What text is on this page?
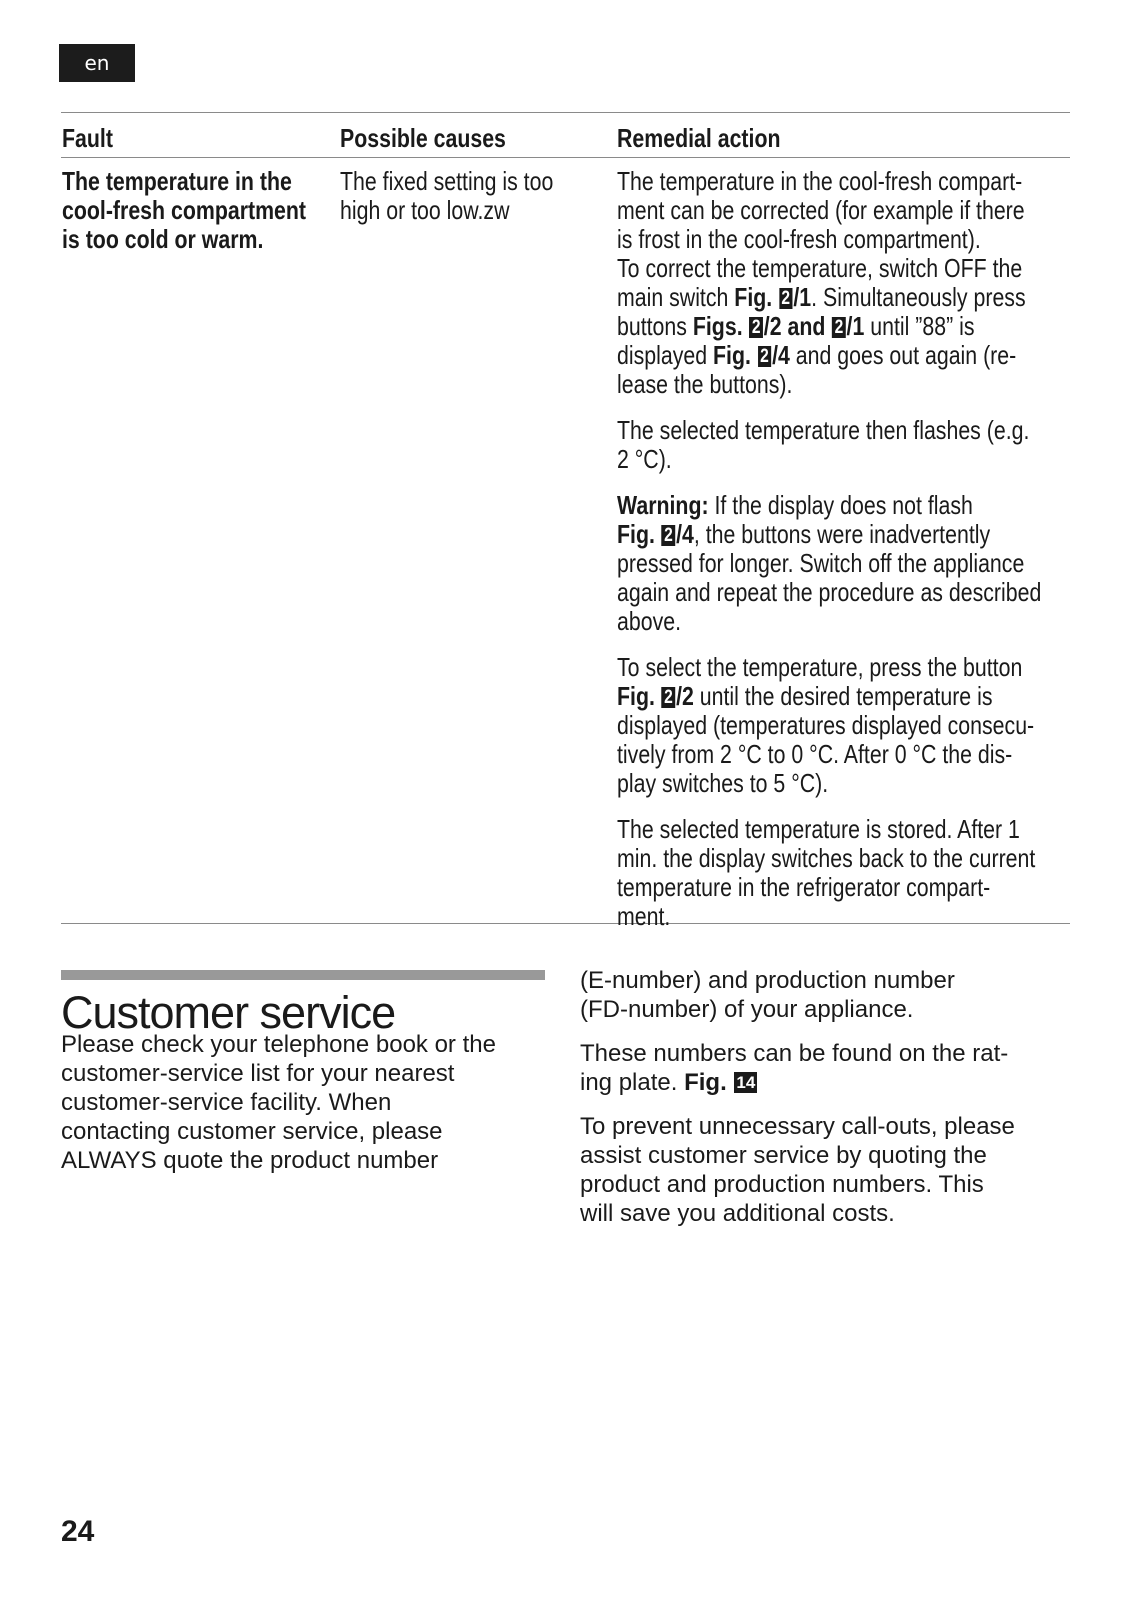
en
Fault	Possible causes	Remedial action
The temperature in the
cool-fresh compartment
is too cold or warm.
The fixed setting is too
high or too low.zw
The temperature in the cool-fresh compart-
ment can be corrected (for example if there
is frost in the cool-fresh compartment).
To correct the temperature, switch OFF the
main switch Fig. 2 /1. Simultaneously press
buttons Figs. 2 /2 and 2 /1 until ”88” is
displayed Fig. 2 /4 and goes out again (re-
lease the buttons).
The selected temperature then flashes (e.g.
2 °C).
Warning: If the display does not flash
Fig. 2 /4, the buttons were inadvertently
pressed for longer. Switch off the appliance
again and repeat the procedure as described
above.
To select the temperature, press the button
Fig. 2 /2 until the desired temperature is
displayed (temperatures displayed consecu-
tively from 2 °C to 0 °C. After 0 °C the dis-
play switches to 5 °C).
The selected temperature is stored. After 1
min. the display switches back to the current
temperature in the refrigerator compart-
ment.
Customer service
Please check your telephone book or the
customer-service list for your nearest
customer-service facility. When
contacting customer service, please
ALWAYS quote the product number
(E-number) and production number
(FD-number) of your appliance.
These numbers can be found on the rat-
ing plate. Fig. 14
To prevent unnecessary call-outs, please
assist customer service by quoting the
product and production numbers. This
will save you additional costs.
24
